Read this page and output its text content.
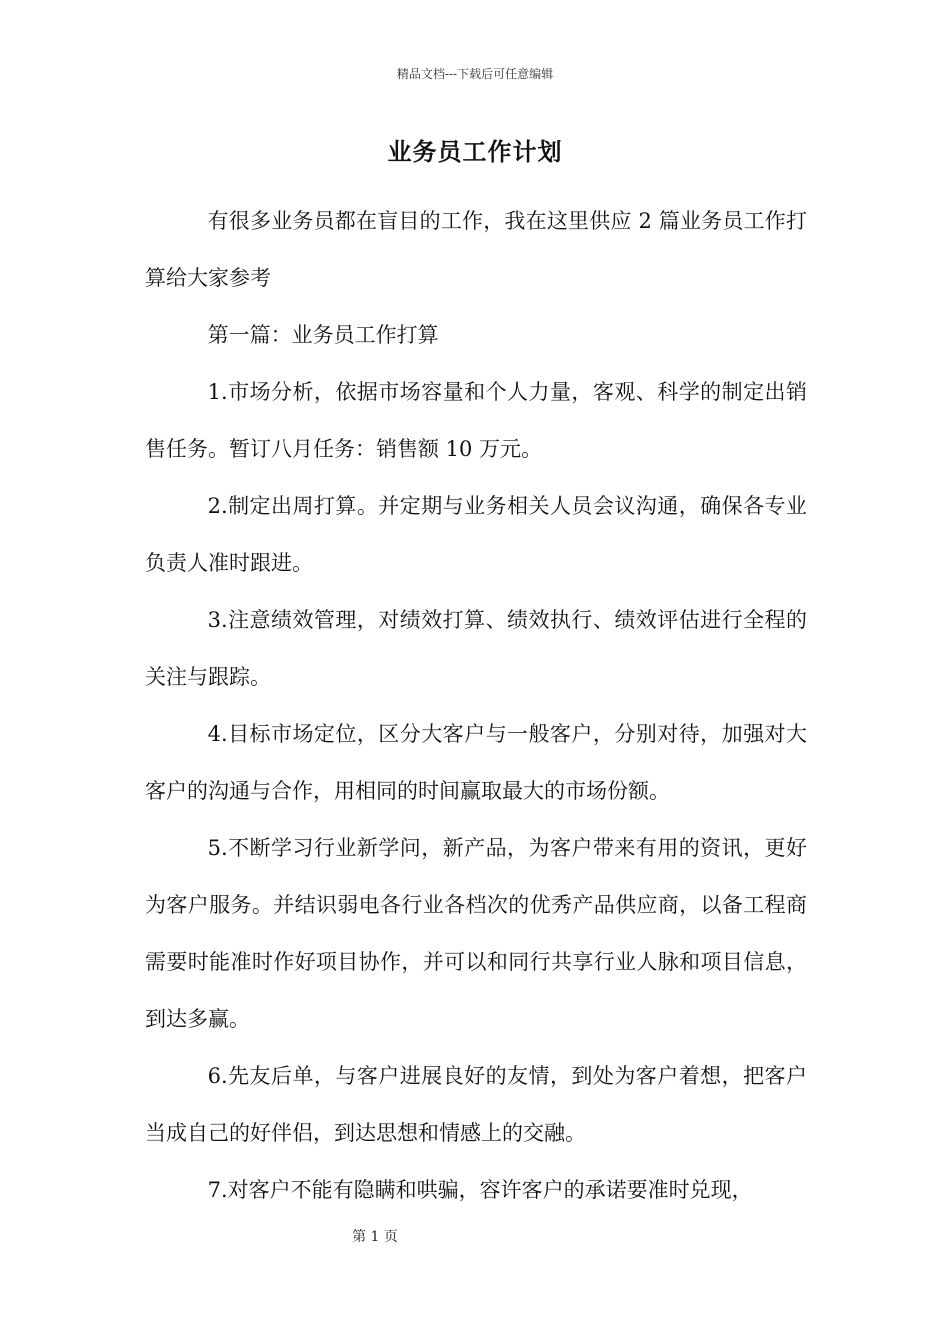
精品文档---下载后可任意编辑
业务员工作计划

有很多业务员都在盲目的工作，我在这里供应 2 篇业务员工作打算给大家参考

第一篇：业务员工作打算

1.市场分析，依据市场容量和个人力量，客观、科学的制定出销售任务。暂订八月任务：销售额 10 万元。

2.制定出周打算。并定期与业务相关人员会议沟通，确保各专业负责人准时跟进。

3.注意绩效管理，对绩效打算、绩效执行、绩效评估进行全程的关注与跟踪。

4.目标市场定位，区分大客户与一般客户，分别对待，加强对大客户的沟通与合作，用相同的时间赢取最大的市场份额。

5.不断学习行业新学问，新产品，为客户带来有用的资讯，更好为客户服务。并结识弱电各行业各档次的优秀产品供应商，以备工程商需要时能准时作好项目协作，并可以和同行共享行业人脉和项目信息，到达多赢。

6.先友后单，与客户进展良好的友情，到处为客户着想，把客户当成自己的好伴侣，到达思想和情感上的交融。

7.对客户不能有隐瞒和哄骗，容许客户的承诺要准时兑现，

第 1 页
